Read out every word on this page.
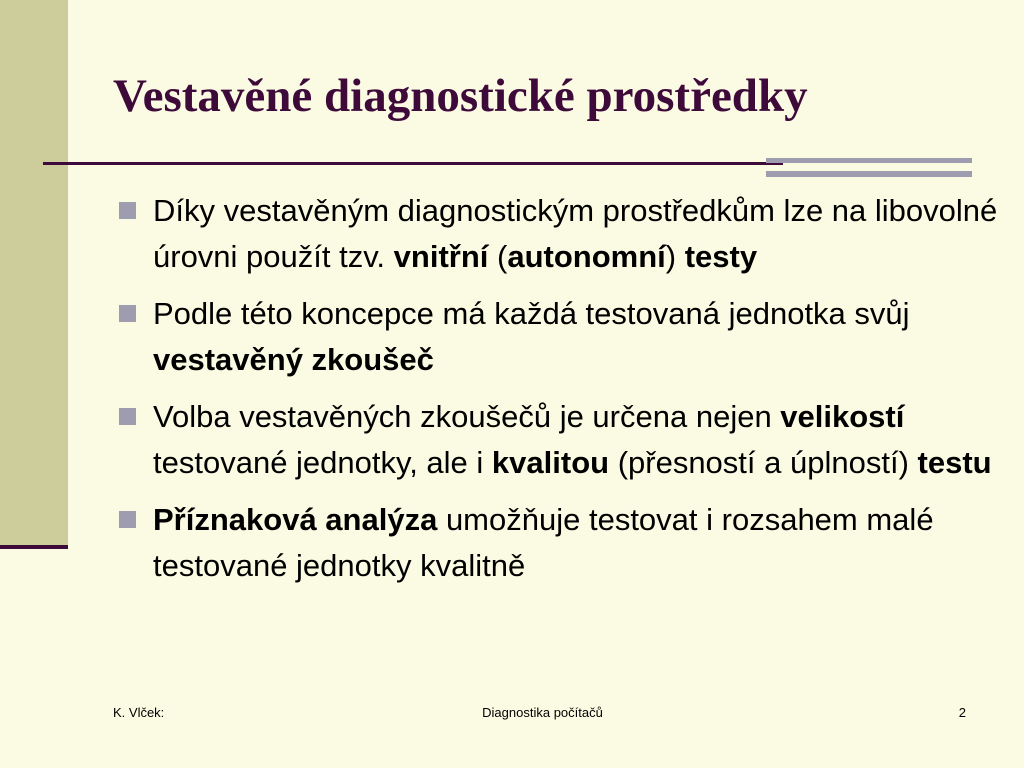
Vestavěné diagnostické prostředky
Díky vestavěným diagnostickým prostředkům lze na libovolné úrovni použít tzv. vnitřní (autonomní) testy
Podle této koncepce má každá testovaná jednotka svůj vestavěný zkoušeč
Volba vestavěných zkoušečů je určena nejen velikostí testované jednotky, ale i kvalitou (přesností a úplností) testu
Příznaková analýza umožňuje testovat i rozsahem malé testované jednotky kvalitně
K. Vlček:	Diagnostika počítačů	2
